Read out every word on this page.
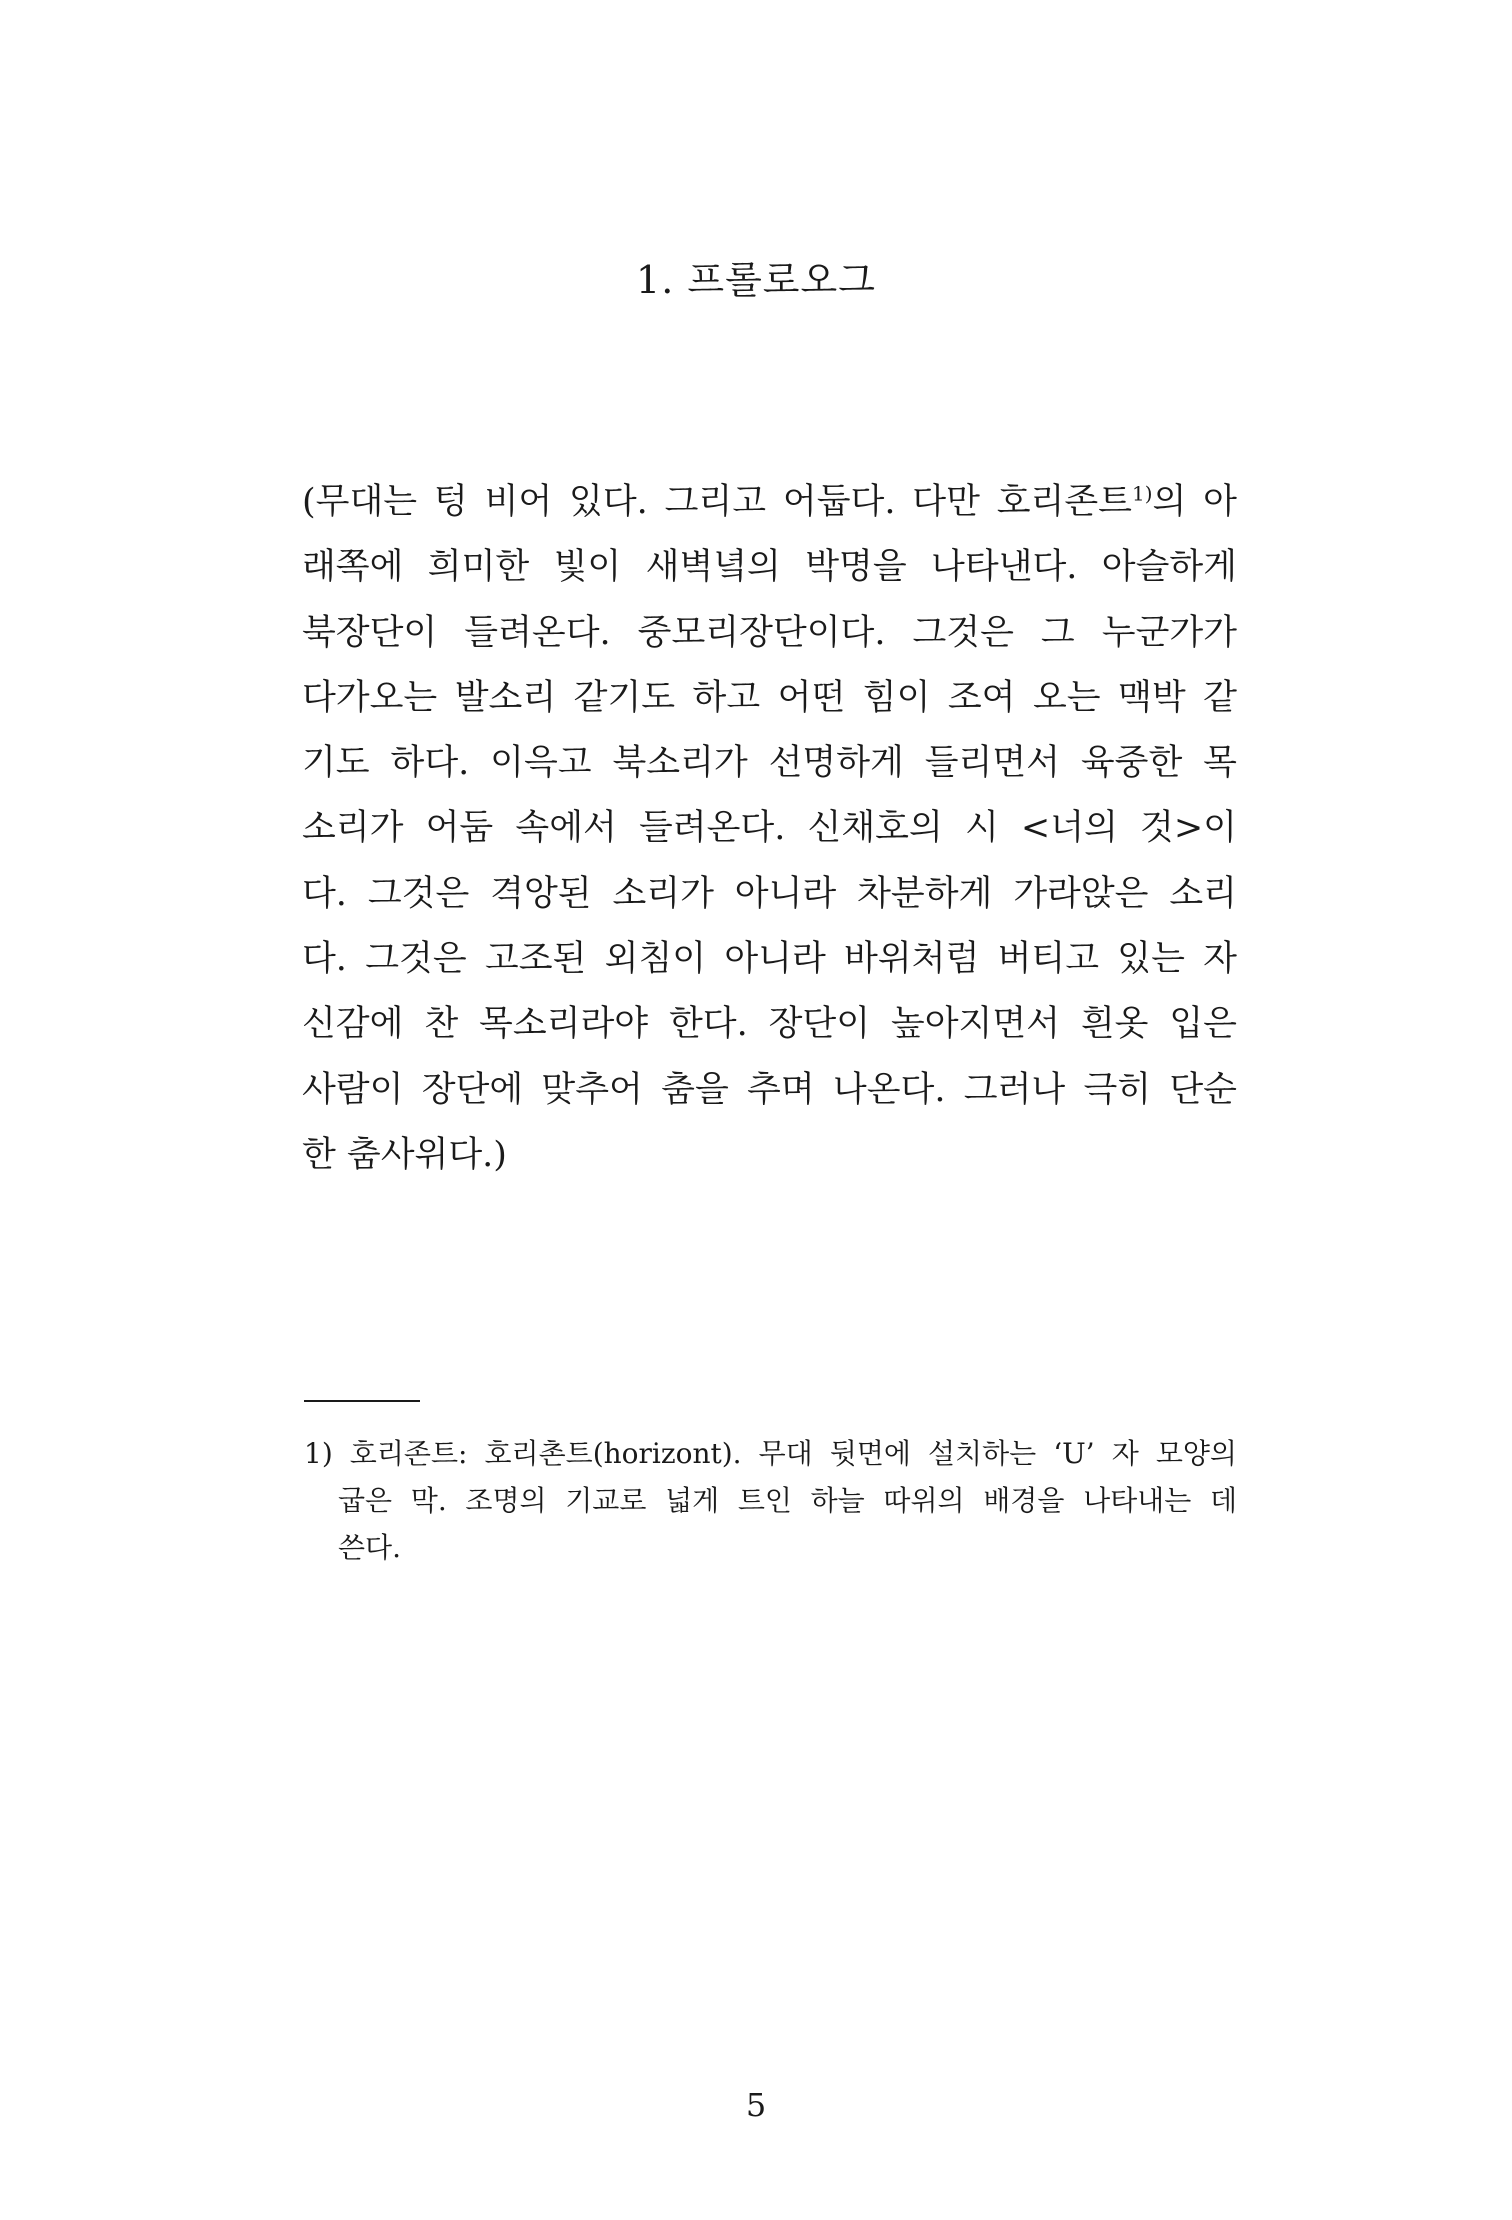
1. 프롤로오그
(무대는 텅 비어 있다. 그리고 어둡다. 다만 호리존트$^{1)}$의 아
래쪽에 희미한 빛이 새벽녘의 박명을 나타낸다. 아슬하게
북장단이 들려온다. 중모리장단이다. 그것은 그 누군가가
다가오는 발소리 같기도 하고 어떤 힘이 조여 오는 맥박 같
기도 하다. 이윽고 북소리가 선명하게 들리면서 육중한 목
소리가 어둠 속에서 들려온다. 신채호의 시 <너의 것>이
다. 그것은 격앙된 소리가 아니라 차분하게 가라앉은 소리
다. 그것은 고조된 외침이 아니라 바위처럼 버티고 있는 자
신감에 찬 목소리라야 한다. 장단이 높아지면서 흰옷 입은
사람이 장단에 맞추어 춤을 추며 나온다. 그러나 극히 단순
한 춤사위다.)
1) 호리존트: 호리촌트(horizont). 무대 뒷면에 설치하는 ‘U’ 자 모양의
굽은 막. 조명의 기교로 넓게 트인 하늘 따위의 배경을 나타내는 데
쓴다.
5
